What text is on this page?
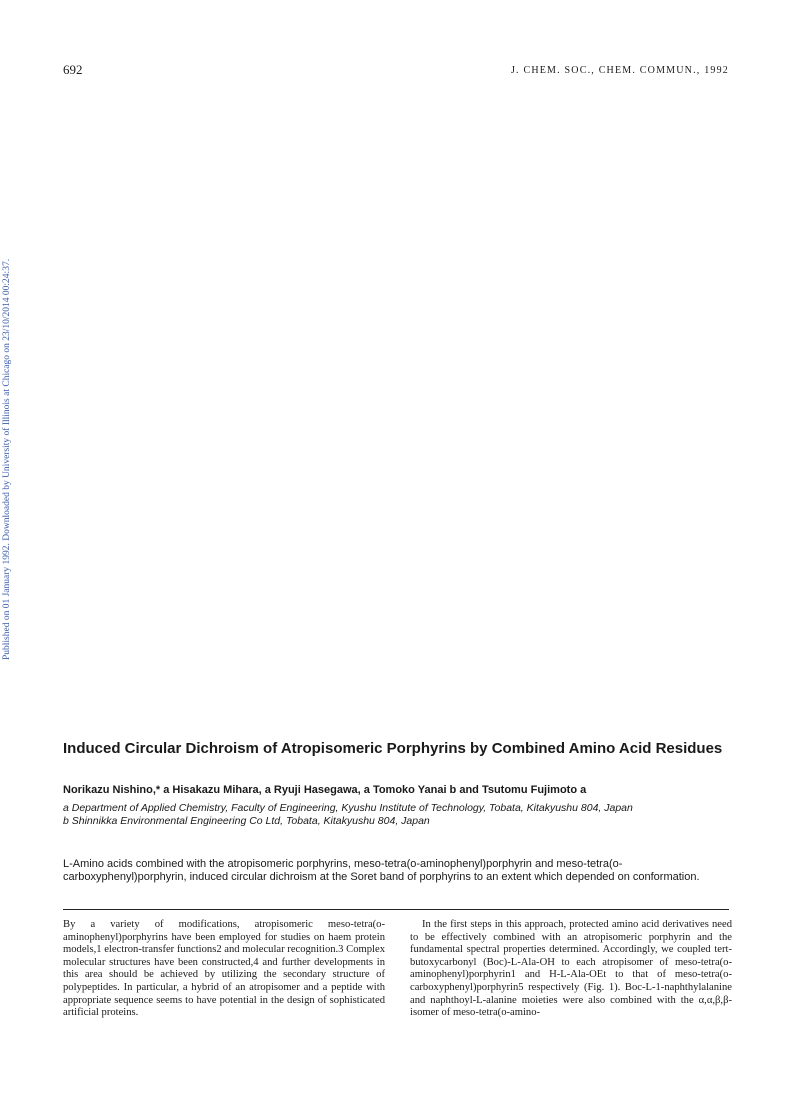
692	J. CHEM. SOC., CHEM. COMMUN., 1992
Published on 01 January 1992. Downloaded by University of Illinois at Chicago on 23/10/2014 00:24:37.
Induced Circular Dichroism of Atropisomeric Porphyrins by Combined Amino Acid Residues
Norikazu Nishino,* a Hisakazu Mihara, a Ryuji Hasegawa, a Tomoko Yanai b and Tsutomu Fujimoto a
a Department of Applied Chemistry, Faculty of Engineering, Kyushu Institute of Technology, Tobata, Kitakyushu 804, Japan
b Shinnikka Environmental Engineering Co Ltd, Tobata, Kitakyushu 804, Japan

L-Amino acids combined with the atropisomeric porphyrins, meso-tetra(o-aminophenyl)porphyrin and meso-tetra(o-carboxyphenyl)porphyrin, induced circular dichroism at the Soret band of porphyrins to an extent which depended on conformation.

By a variety of modifications, atropisomeric meso-tetra(o-aminophenyl)porphyrins have been employed for studies on haem protein models,1 electron-transfer functions2 and molecular recognition.3 Complex molecular structures have been constructed,4 and further developments in this area should be achieved by utilizing the secondary structure of polypeptides. In particular, a hybrid of an atropisomer and a peptide with appropriate sequence seems to have potential in the design of sophisticated artificial proteins.

In the first steps in this approach, protected amino acid derivatives need to be effectively combined with an atropisomeric porphyrin and the fundamental spectral properties determined. Accordingly, we coupled tert-butoxycarbonyl (Boc)-L-Ala-OH to each atropisomer of meso-tetra(o-aminophenyl)porphyrin1 and H-L-Ala-OEt to that of meso-tetra(o-carboxyphenyl)porphyrin5 respectively (Fig. 1). Boc-L-1-naphthylalanine and naphthoyl-L-alanine moieties were also combined with the α,α,β,β-isomer of meso-tetra(o-amino-
